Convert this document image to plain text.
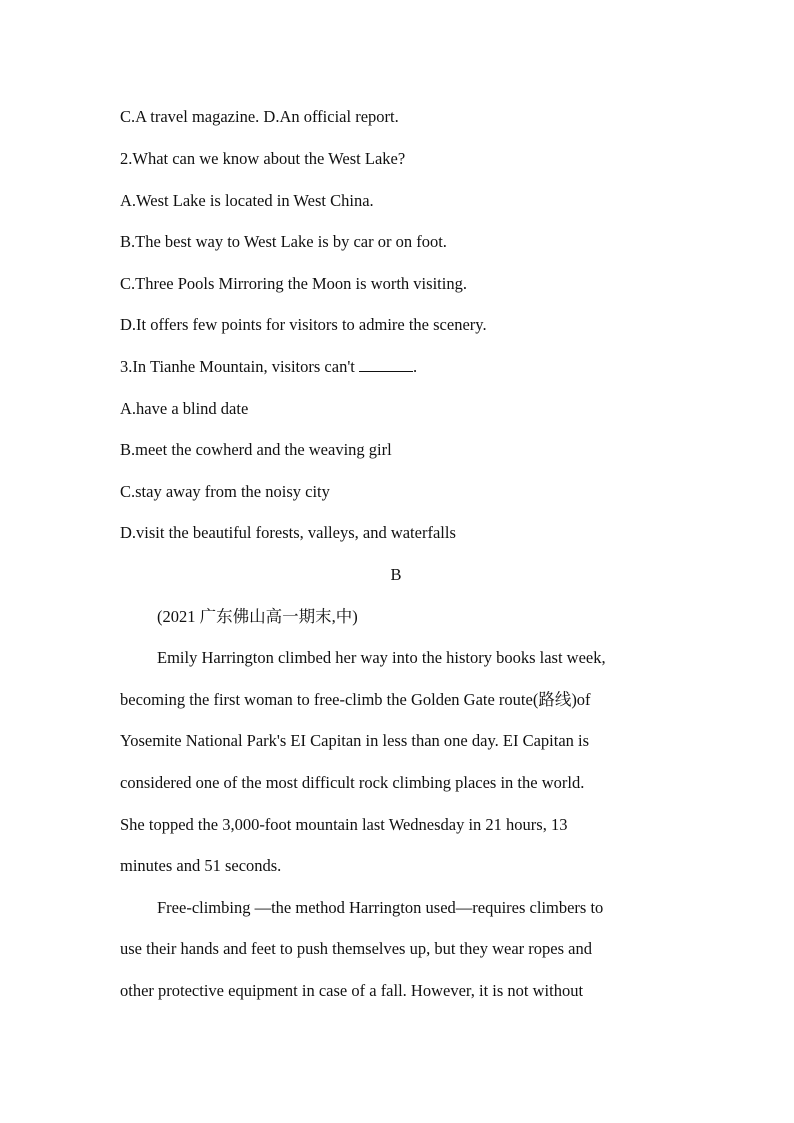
C.A travel magazine. D.An official report.
2.What can we know about the West Lake?
A.West Lake is located in West China.
B.The best way to West Lake is by car or on foot.
C.Three Pools Mirroring the Moon is worth visiting.
D.It offers few points for visitors to admire the scenery.
3.In Tianhe Mountain, visitors can't	.
A.have a blind date
B.meet the cowherd and the weaving girl
C.stay away from the noisy city
D.visit the beautiful forests, valleys, and waterfalls
B
(2021 广东佛山高一期末,中)
Emily Harrington climbed her way into the history books last week,
becoming the first woman to free-climb the Golden Gate route(路线)of
Yosemite National Park's EI Capitan in less than one day. EI Capitan is
considered one of the most difficult rock climbing places in the world.
She topped the 3,000-foot mountain last Wednesday in 21 hours, 13
minutes and 51 seconds.
Free-climbing —the method Harrington used—requires climbers to
use their hands and feet to push themselves up, but they wear ropes and
other protective equipment in case of a fall. However, it is not without
